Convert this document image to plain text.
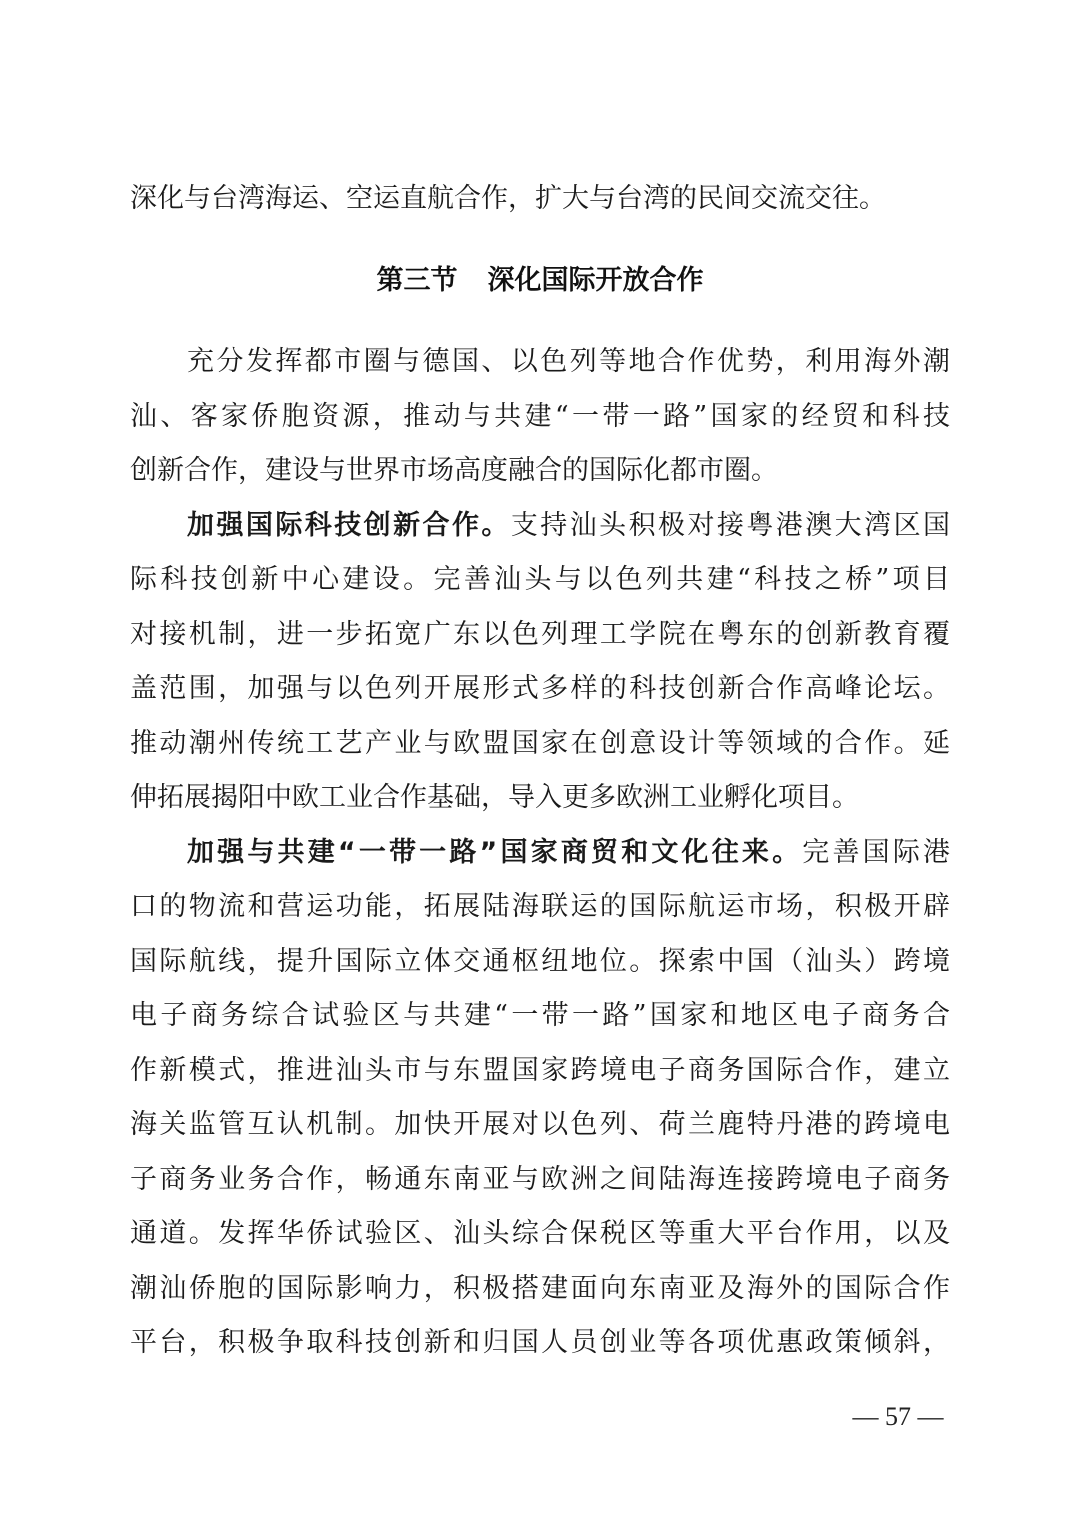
深化与台湾海运、空运直航合作，扩大与台湾的民间交流交往。
第三节 深化国际开放合作
充分发挥都市圈与德国、以色列等地合作优势，利用海外潮
汕、客家侨胞资源，推动与共建“一带一路”国家的经贸和科技
创新合作，建设与世界市场高度融合的国际化都市圈。
加强国际科技创新合作。支持汕头积极对接粤港澳大湾区国
际科技创新中心建设。完善汕头与以色列共建“科技之桥”项目
对接机制，进一步拓宽广东以色列理工学院在粤东的创新教育覆
盖范围，加强与以色列开展形式多样的科技创新合作高峰论坛。
推动潮州传统工艺产业与欧盟国家在创意设计等领域的合作。延
伸拓展揭阳中欧工业合作基础，导入更多欧洲工业孵化项目。
加强与共建“一带一路”国家商贸和文化往来。完善国际港
口的物流和营运功能，拓展陆海联运的国际航运市场，积极开辟
国际航线，提升国际立体交通枢纽地位。探索中国（汕头）跨境
电子商务综合试验区与共建“一带一路”国家和地区电子商务合
作新模式，推进汕头市与东盟国家跨境电子商务国际合作，建立
海关监管互认机制。加快开展对以色列、荷兰鹿特丹港的跨境电
子商务业务合作，畅通东南亚与欧洲之间陆海连接跨境电子商务
通道。发挥华侨试验区、汕头综合保税区等重大平台作用，以及
潮汕侨胞的国际影响力，积极搭建面向东南亚及海外的国际合作
平台，积极争取科技创新和归国人员创业等各项优惠政策倾斜，
— 57 —
